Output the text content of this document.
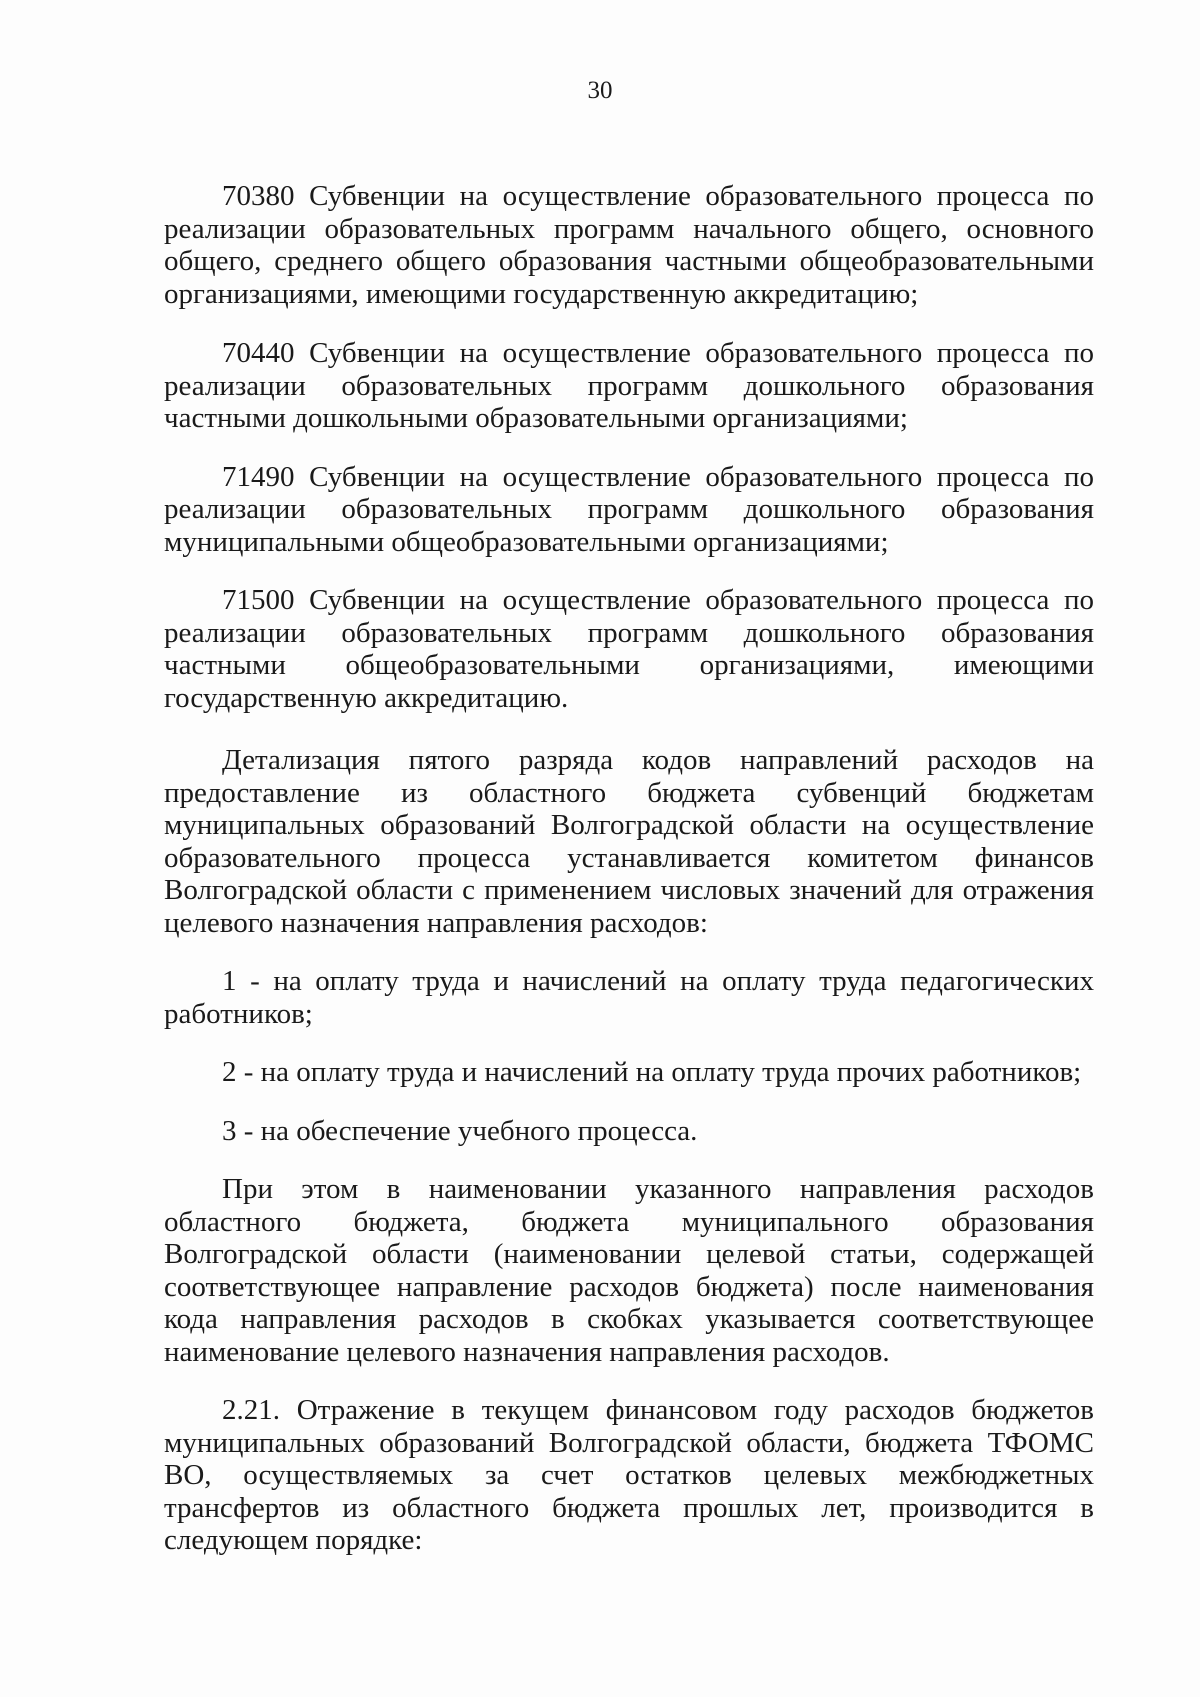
30

70380 Субвенции на осуществление образовательного процесса по реализации образовательных программ начального общего, основного общего, среднего общего образования частными общеобразовательными организациями, имеющими государственную аккредитацию;

70440 Субвенции на осуществление образовательного процесса по реализации образовательных программ дошкольного образования частными дошкольными образовательными организациями;

71490 Субвенции на осуществление образовательного процесса по реализации образовательных программ дошкольного образования муниципальными общеобразовательными организациями;

71500 Субвенции на осуществление образовательного процесса по реализации образовательных программ дошкольного образования частными общеобразовательными организациями, имеющими государственную аккредитацию.

Детализация пятого разряда кодов направлений расходов на предоставление из областного бюджета субвенций бюджетам муниципальных образований Волгоградской области на осуществление образовательного процесса устанавливается комитетом финансов Волгоградской области с применением числовых значений для отражения целевого назначения направления расходов:

1 - на оплату труда и начислений на оплату труда педагогических работников;

2 - на оплату труда и начислений на оплату труда прочих работников;

3 - на обеспечение учебного процесса.

При этом в наименовании указанного направления расходов областного бюджета, бюджета муниципального образования Волгоградской области (наименовании целевой статьи, содержащей соответствующее направление расходов бюджета) после наименования кода направления расходов в скобках указывается соответствующее наименование целевого назначения направления расходов.

2.21. Отражение в текущем финансовом году расходов бюджетов муниципальных образований Волгоградской области, бюджета ТФОМС ВО, осуществляемых за счет остатков целевых межбюджетных трансфертов из областного бюджета прошлых лет, производится в следующем порядке:
